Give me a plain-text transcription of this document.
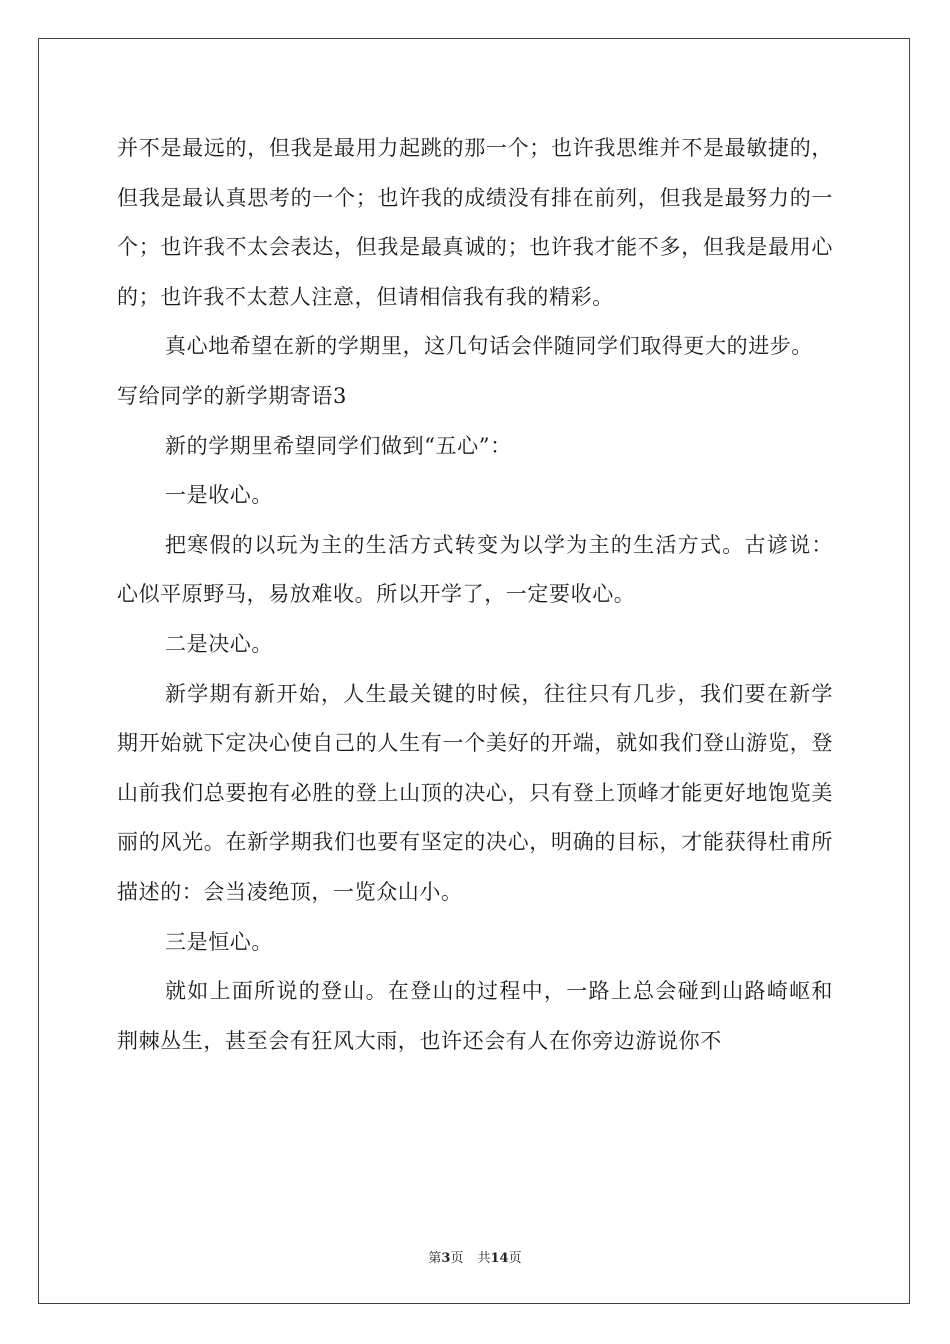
并不是最远的，但我是最用力起跳的那一个；也许我思维并不是最敏捷的，但我是最认真思考的一个；也许我的成绩没有排在前列，但我是最努力的一个；也许我不太会表达，但我是最真诚的；也许我才能不多，但我是最用心的；也许我不太惹人注意，但请相信我有我的精彩。

真心地希望在新的学期里，这几句话会伴随同学们取得更大的进步。

写给同学的新学期寄语3

新的学期里希望同学们做到“五心”：

一是收心。

把寒假的以玩为主的生活方式转变为以学为主的生活方式。古谚说：心似平原野马，易放难收。所以开学了，一定要收心。

二是决心。

新学期有新开始，人生最关键的时候，往往只有几步，我们要在新学期开始就下定决心使自己的人生有一个美好的开端，就如我们登山游览，登山前我们总要抱有必胜的登上山顶的决心，只有登上顶峰才能更好地饱览美丽的风光。在新学期我们也要有坚定的决心，明确的目标，才能获得杜甫所描述的：会当凌绝顶，一览众山小。

三是恒心。

就如上面所说的登山。在登山的过程中，一路上总会碰到山路崎岖和荆棘丛生，甚至会有狂风大雨，也许还会有人在你旁边游说你不

第3页 共14页
